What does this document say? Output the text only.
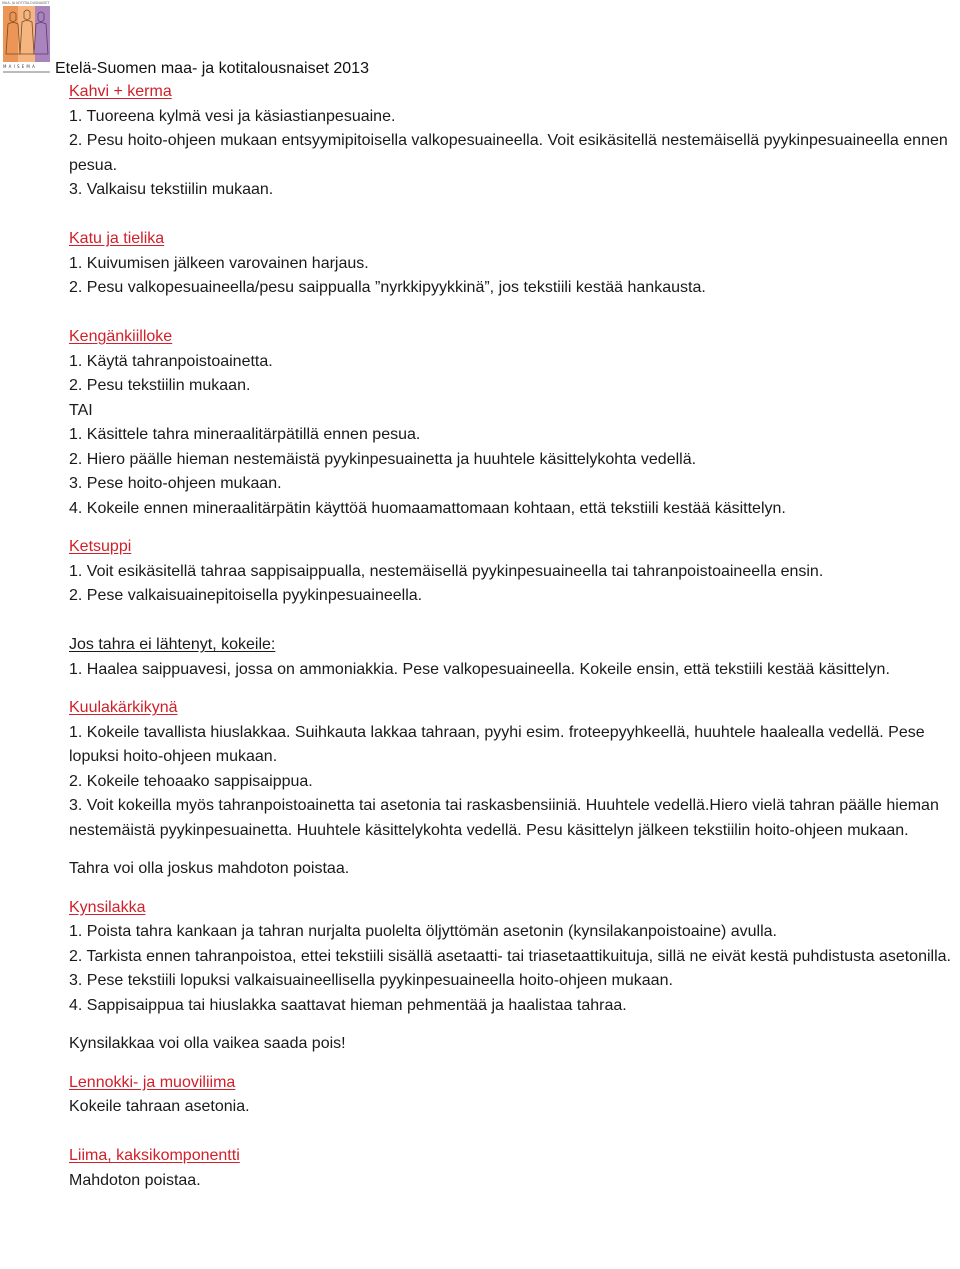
MAA- JA KOTITALOUSNAISET
MAISEMA Etelä-Suomen maa- ja kotitalousnaiset 2013
Kahvi + kerma
1. Tuoreena kylmä vesi ja käsiastianpesuaine.
2. Pesu hoito-ohjeen mukaan entsyymipitoisella valkopesuaineella. Voit esikäsitellä nestemäisellä pyykinpesuaineella ennen pesua.
3. Valkaisu tekstiilin mukaan.
Katu ja tielika
1. Kuivumisen jälkeen varovainen harjaus.
2. Pesu valkopesuaineella/pesu saippualla ”nyrkkipyykkinä”, jos tekstiili kestää hankausta.
Kengänkiilloke
1. Käytä tahranpoistoainetta.
2. Pesu tekstiilin mukaan.
TAI
1. Käsittele tahra mineraalitärpätillä ennen pesua.
2. Hiero päälle hieman nestemäistä pyykinpesuainetta ja huuhtele käsittelykohta vedellä.
3. Pese hoito-ohjeen mukaan.
4. Kokeile ennen mineraalitärpätin käyttöä huomaamattomaan kohtaan, että tekstiili kestää käsittelyn.
Ketsuppi
1. Voit esikäsitellä tahraa sappisaippualla, nestemäisellä pyykinpesuaineella tai tahranpoistoaineella ensin.
2. Pese valkaisuainepitoisella pyykinpesuaineella.
Jos tahra ei lähtenyt, kokeile:
1. Haalea saippuavesi, jossa on ammoniakkia. Pese valkopesuaineella. Kokeile ensin, että tekstiili kestää käsittelyn.
Kuulakärkikynä
1. Kokeile tavallista hiuslakkaa. Suihkauta lakkaa tahraan, pyyhi esim. froteepyyhkeellä, huuhtele haalealla vedellä. Pese lopuksi hoito-ohjeen mukaan.
2. Kokeile tehoaako sappisaippua.
3. Voit kokeilla myös tahranpoistoainetta tai asetonia tai raskasbensiiniä. Huuhtele vedellä.Hiero vielä tahran päälle hieman nestemäistä pyykinpesuainetta. Huuhtele käsittelykohta vedellä. Pesu käsittelyn jälkeen tekstiilin hoito-ohjeen mukaan.
Tahra voi olla joskus mahdoton poistaa.
Kynsilakka
1. Poista tahra kankaan ja tahran nurjalta puolelta öljyttömän asetonin (kynsilakanpoistoaine) avulla.
2. Tarkista ennen tahranpoistoa, ettei tekstiili sisällä asetaatti- tai triasetaattikuituja, sillä ne eivät kestä puhdistusta asetonilla.
3. Pese tekstiili lopuksi valkaisuaineellisella pyykinpesuaineella hoito-ohjeen mukaan.
4. Sappisaippua tai hiuslakka saattavat hieman pehmentää ja haalistaa tahraa.
Kynsilakkaa voi olla vaikea saada pois!
Lennokki- ja muoviliima
Kokeile tahraan asetonia.
Liima, kaksikomponentti
Mahdoton poistaa.
